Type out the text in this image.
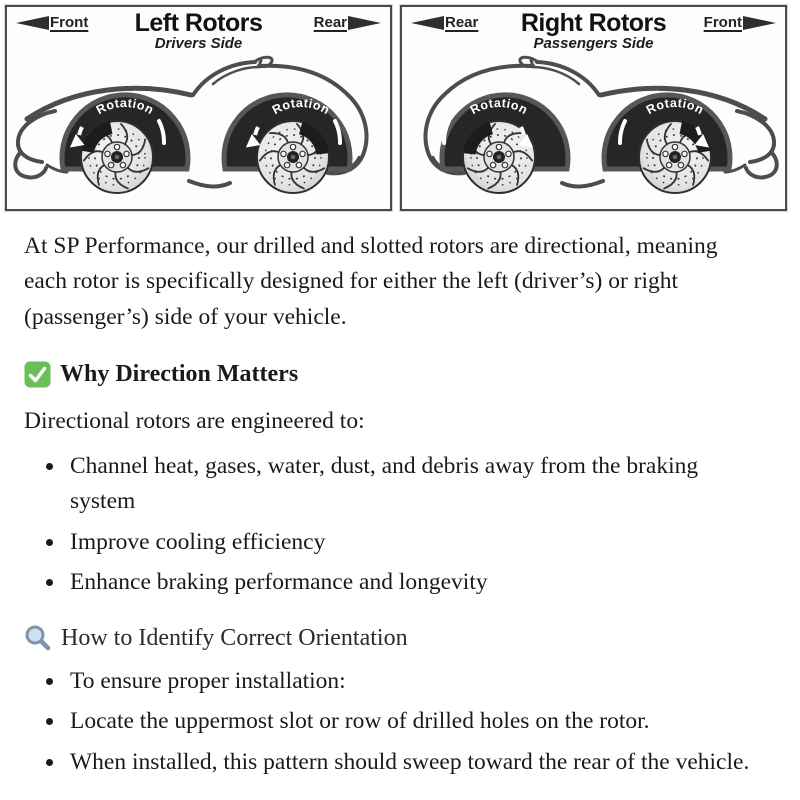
Front	Rear
Left Rotors
Drivers Side
Rotation	Rotation
Rear	Front
Right Rotors
Passengers Side
Rotation	Rotation

At SP Performance, our drilled and slotted rotors are directional, meaning each rotor is specifically designed for either the left (driver’s) or right (passenger’s) side of your vehicle.

Why Direction Matters

Directional rotors are engineered to:

• Channel heat, gases, water, dust, and debris away from the braking system
• Improve cooling efficiency
• Enhance braking performance and longevity
How to Identify Correct Orientation
• To ensure proper installation:
• Locate the uppermost slot or row of drilled holes on the rotor.
• When installed, this pattern should sweep toward the rear of the vehicle.
